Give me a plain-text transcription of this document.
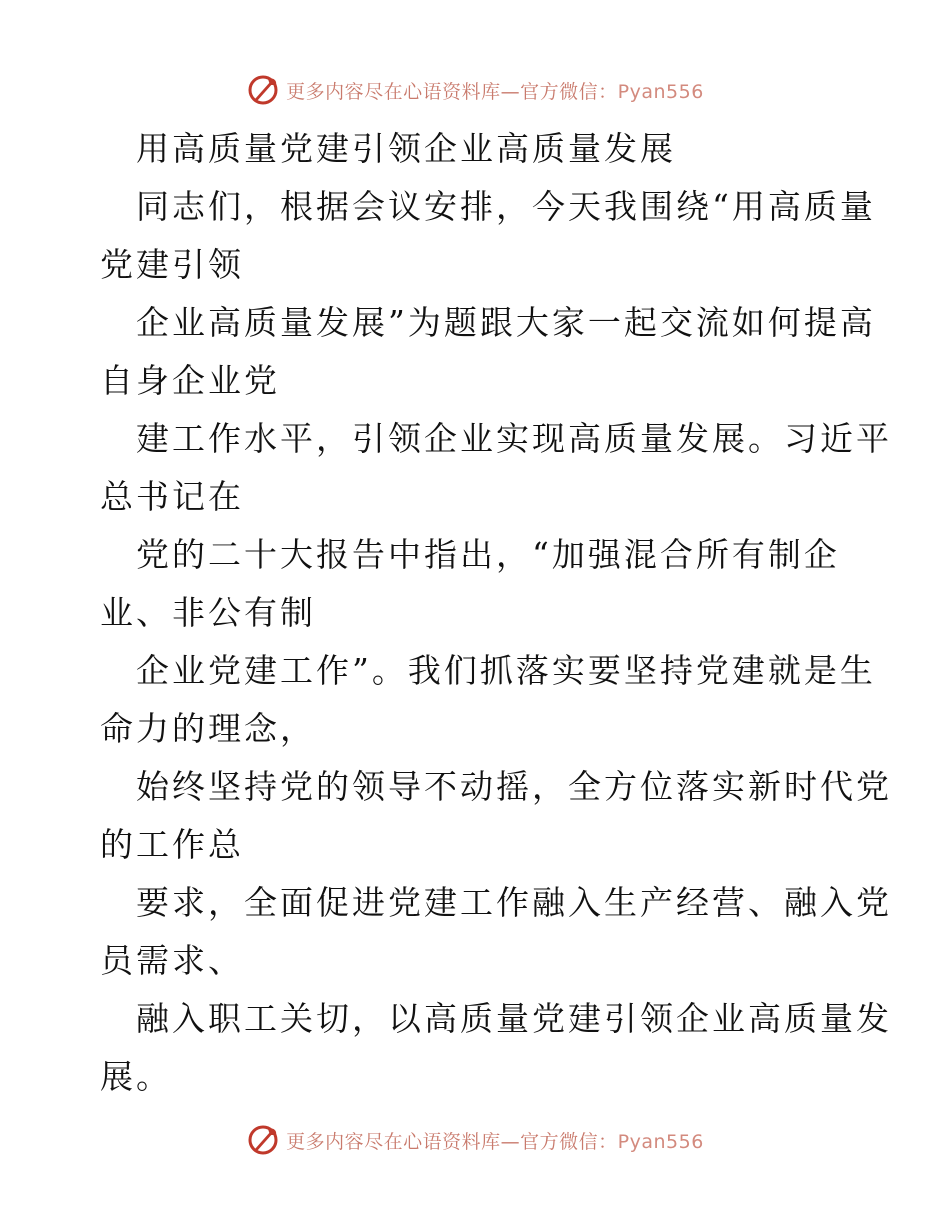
更多内容尽在心语资料库—官方微信：Pyan556
用高质量党建引领企业高质量发展
同志们，根据会议安排，今天我围绕“用高质量
党建引领
企业高质量发展”为题跟大家一起交流如何提高
自身企业党
建工作水平，引领企业实现高质量发展。习近平
总书记在
党的二十大报告中指出，“加强混合所有制企
业、非公有制
企业党建工作”。我们抓落实要坚持党建就是生
命力的理念，
始终坚持党的领导不动摇，全方位落实新时代党
的工作总
要求，全面促进党建工作融入生产经营、融入党
员需求、
融入职工关切，以高质量党建引领企业高质量发
展。
更多内容尽在心语资料库—官方微信：Pyan556
